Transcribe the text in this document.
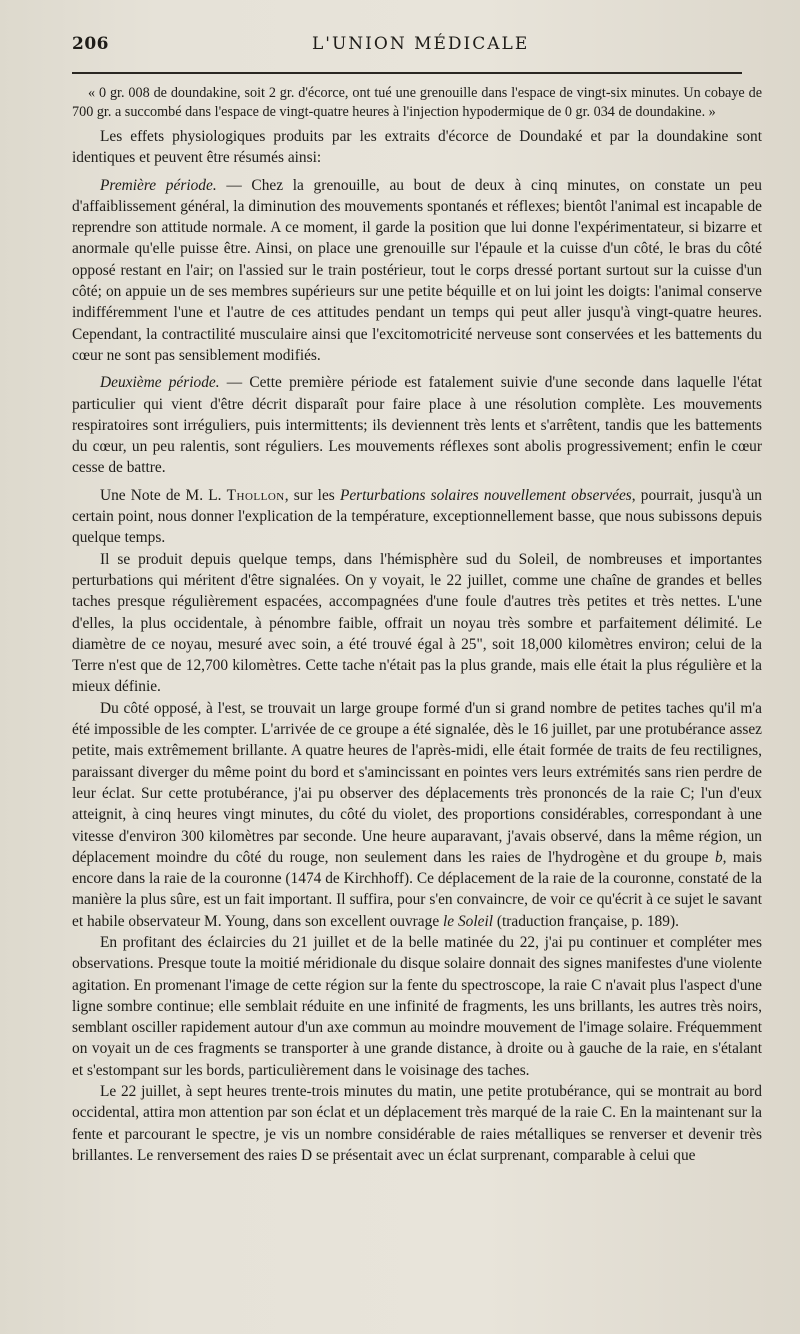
206	L'UNION MÉDICALE

« 0 gr. 008 de doundakine, soit 2 gr. d'écorce, ont tué une grenouille dans l'espace de vingt-six minutes. Un cobaye de 700 gr. a succombé dans l'espace de vingt-quatre heures à l'injection hypodermique de 0 gr. 034 de doundakine. »

Les effets physiologiques produits par les extraits d'écorce de Doundaké et par la doundakine sont identiques et peuvent être résumés ainsi:

Première période. — Chez la grenouille, au bout de deux à cinq minutes, on constate un peu d'affaiblissement général, la diminution des mouvements spontanés et réflexes; bientôt l'animal est incapable de reprendre son attitude normale. A ce moment, il garde la position que lui donne l'expérimentateur, si bizarre et anormale qu'elle puisse être. Ainsi, on place une grenouille sur l'épaule et la cuisse d'un côté, le bras du côté opposé restant en l'air; on l'assied sur le train postérieur, tout le corps dressé portant surtout sur la cuisse d'un côté; on appuie un de ses membres supérieurs sur une petite béquille et on lui joint les doigts: l'animal conserve indifféremment l'une et l'autre de ces attitudes pendant un temps qui peut aller jusqu'à vingt-quatre heures. Cependant, la contractilité musculaire ainsi que l'excitomotricité nerveuse sont conservées et les battements du cœur ne sont pas sensiblement modifiés.

Deuxième période. — Cette première période est fatalement suivie d'une seconde dans laquelle l'état particulier qui vient d'être décrit disparaît pour faire place à une résolution complète. Les mouvements respiratoires sont irréguliers, puis intermittents; ils deviennent très lents et s'arrêtent, tandis que les battements du cœur, un peu ralentis, sont réguliers. Les mouvements réflexes sont abolis progressivement; enfin le cœur cesse de battre.

Une Note de M. L. Thollon, sur les Perturbations solaires nouvellement observées, pourrait, jusqu'à un certain point, nous donner l'explication de la température, exceptionnellement basse, que nous subissons depuis quelque temps.

Il se produit depuis quelque temps, dans l'hémisphère sud du Soleil, de nombreuses et importantes perturbations qui méritent d'être signalées. On y voyait, le 22 juillet, comme une chaîne de grandes et belles taches presque régulièrement espacées, accompagnées d'une foule d'autres très petites et très nettes. L'une d'elles, la plus occidentale, à pénombre faible, offrait un noyau très sombre et parfaitement délimité. Le diamètre de ce noyau, mesuré avec soin, a été trouvé égal à 25", soit 18,000 kilomètres environ; celui de la Terre n'est que de 12,700 kilomètres. Cette tache n'était pas la plus grande, mais elle était la plus régulière et la mieux définie.

Du côté opposé, à l'est, se trouvait un large groupe formé d'un si grand nombre de petites taches qu'il m'a été impossible de les compter. L'arrivée de ce groupe a été signalée, dès le 16 juillet, par une protubérance assez petite, mais extrêmement brillante. A quatre heures de l'après-midi, elle était formée de traits de feu rectilignes, paraissant diverger du même point du bord et s'amincissant en pointes vers leurs extrémités sans rien perdre de leur éclat. Sur cette protubérance, j'ai pu observer des déplacements très prononcés de la raie C; l'un d'eux atteignit, à cinq heures vingt minutes, du côté du violet, des proportions considérables, correspondant à une vitesse d'environ 300 kilomètres par seconde. Une heure auparavant, j'avais observé, dans la même région, un déplacement moindre du côté du rouge, non seulement dans les raies de l'hydrogène et du groupe b, mais encore dans la raie de la couronne (1474 de Kirchhoff). Ce déplacement de la raie de la couronne, constaté de la manière la plus sûre, est un fait important. Il suffira, pour s'en convaincre, de voir ce qu'écrit à ce sujet le savant et habile observateur M. Young, dans son excellent ouvrage le Soleil (traduction française, p. 189).

En profitant des éclaircies du 21 juillet et de la belle matinée du 22, j'ai pu continuer et compléter mes observations. Presque toute la moitié méridionale du disque solaire donnait des signes manifestes d'une violente agitation. En promenant l'image de cette région sur la fente du spectroscope, la raie C n'avait plus l'aspect d'une ligne sombre continue; elle semblait réduite en une infinité de fragments, les uns brillants, les autres très noirs, semblant osciller rapidement autour d'un axe commun au moindre mouvement de l'image solaire. Fréquemment on voyait un de ces fragments se transporter à une grande distance, à droite ou à gauche de la raie, en s'étalant et s'estompant sur les bords, particulièrement dans le voisinage des taches.

Le 22 juillet, à sept heures trente-trois minutes du matin, une petite protubérance, qui se montrait au bord occidental, attira mon attention par son éclat et un déplacement très marqué de la raie C. En la maintenant sur la fente et parcourant le spectre, je vis un nombre considérable de raies métalliques se renverser et devenir très brillantes. Le renversement des raies D se présentait avec un éclat surprenant, comparable à celui que
